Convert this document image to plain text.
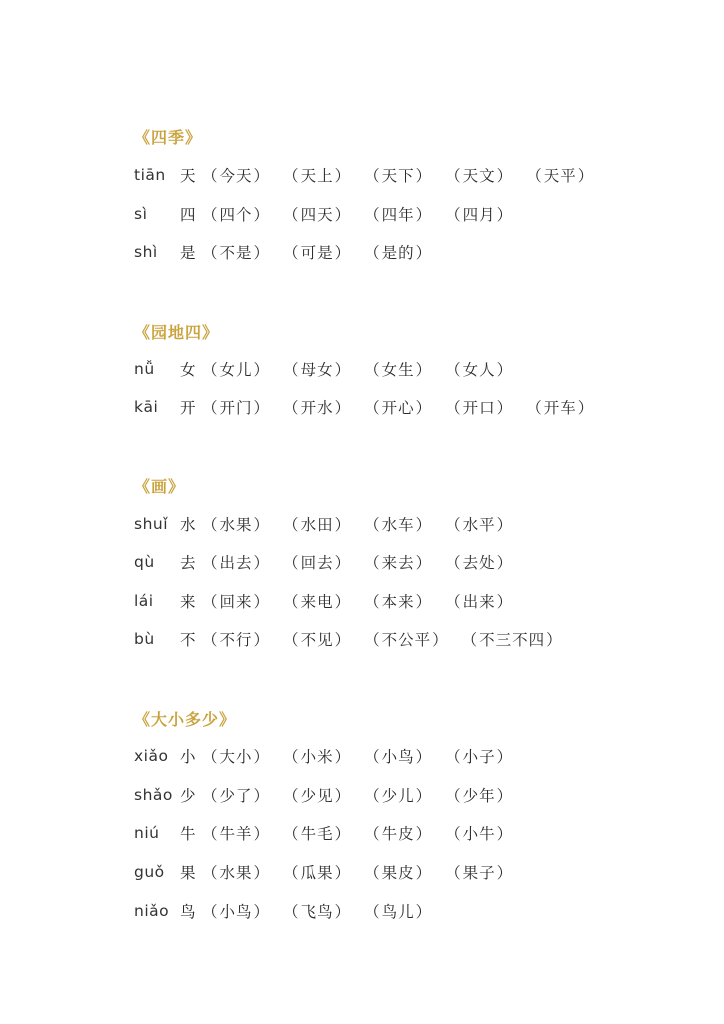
《四季》
tiān 天	（ 今天 ）	（ 天上 ）	（ 天下 ）	（ 天文 ）	（ 天平 ）
sì	四	（ 四个 ）	（ 四天 ）	（ 四年 ）	（ 四月 ）
shì	是	（ 不是 ）	（ 可是 ）	（ 是的 ）
《园地四》
nǚ	女	（ 女儿 ）	（ 母女 ）	（ 女生 ）	（ 女人 ）
kāi	开	（ 开门 ）	（ 开水 ）	（ 开心 ）	（ 开口 ）	（ 开车 ）
《画》
shuǐ 水	（ 水果 ）	（ 水田 ）	（ 水车 ）	（ 水平 ）
qù	去	（ 出去 ）	（ 回去 ）	（ 来去 ）	（ 去处 ）
lái	来	（ 回来 ）	（ 来电 ）	（ 本来 ）	（ 出来 ）
bù	不	（ 不行 ）	（ 不见 ）	（ 不公平 ）	（ 不三不四 ）
《大小多少》
xiǎo 小	（ 大小 ）	（ 小米 ）	（ 小鸟 ）	（ 小子 ）
shǎo 少	（ 少了 ）	（ 少见 ）	（ 少儿 ）	（ 少年 ）
niú	牛	（ 牛羊 ）	（ 牛毛 ）	（ 牛皮 ）	（ 小牛 ）
guǒ 果	（ 水果 ）	（ 瓜果 ）	（ 果皮 ）	（ 果子 ）
niǎo 鸟	（ 小鸟 ）	（ 飞鸟 ）	（ 鸟儿 ）
